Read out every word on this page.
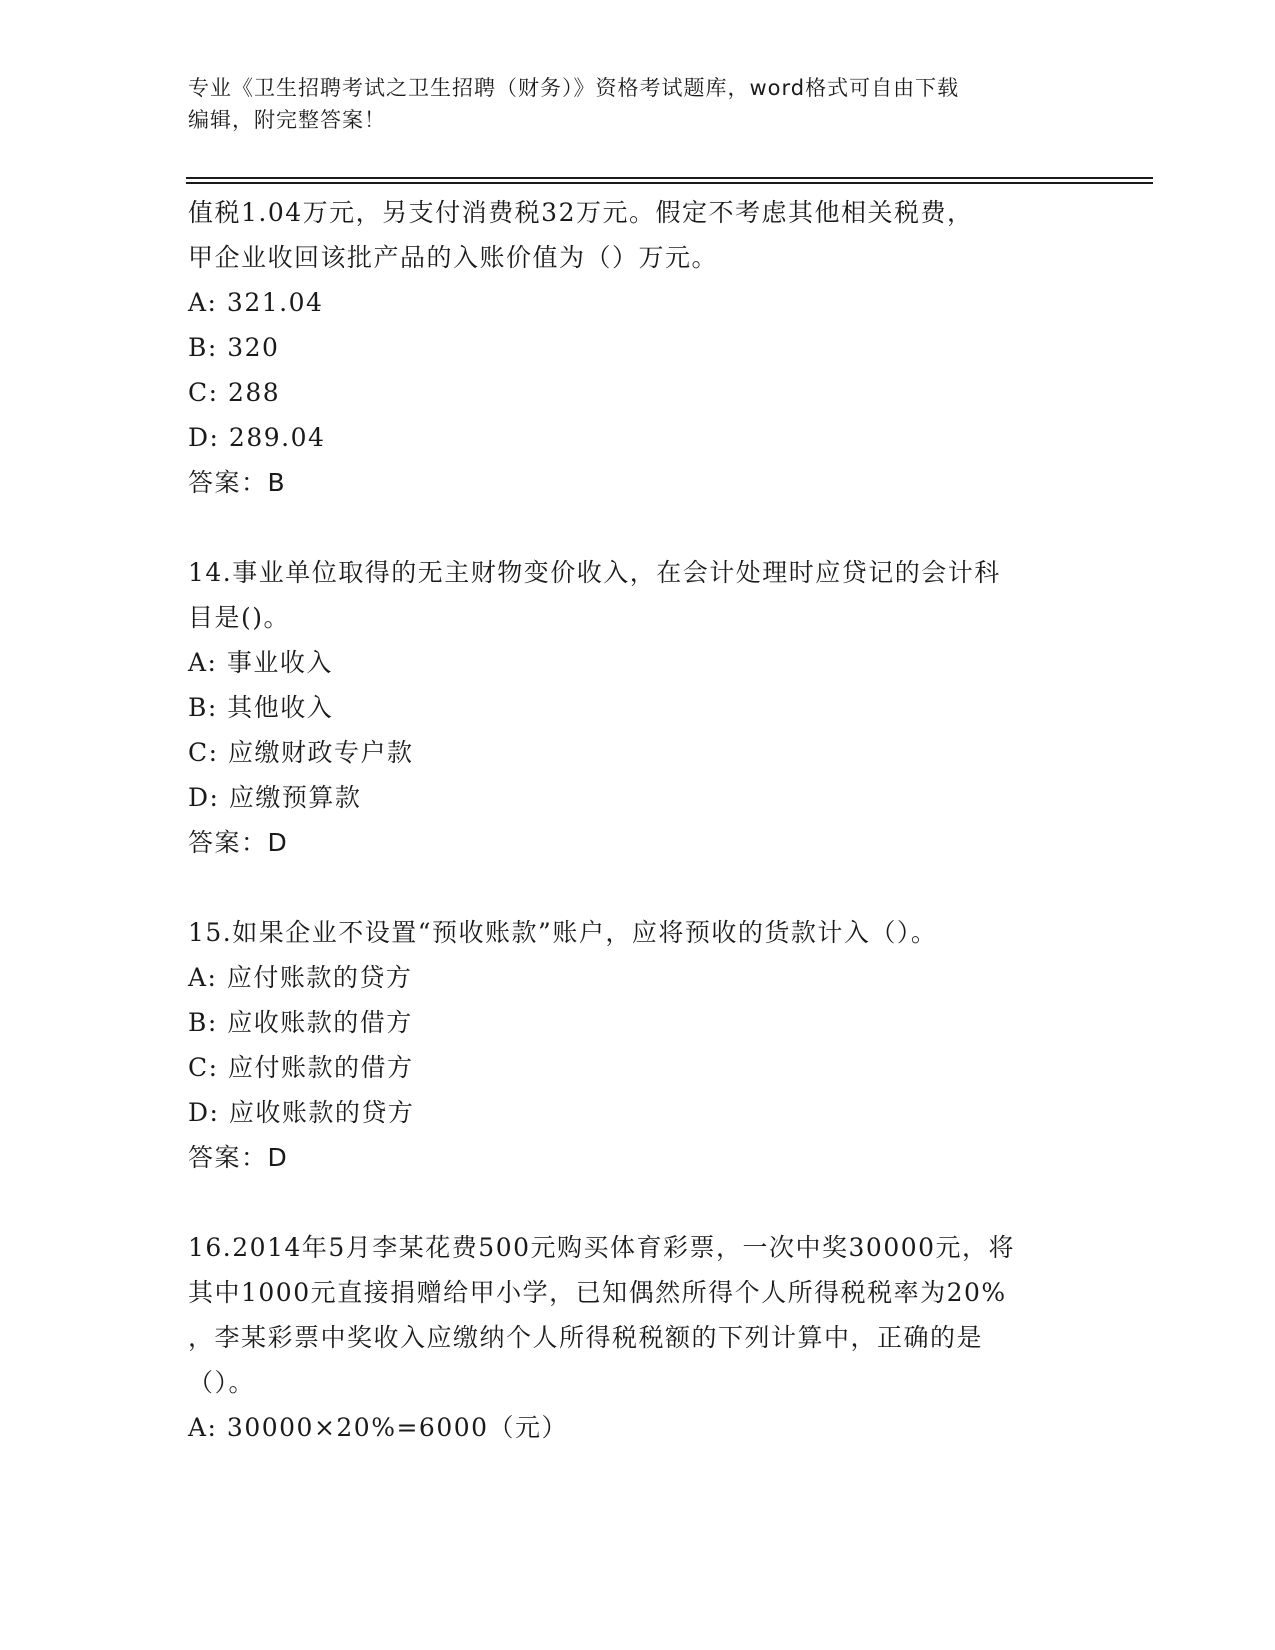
专业《卫生招聘考试之卫生招聘（财务）》资格考试题库，word格式可自由下载
编辑，附完整答案！

值税1.04万元，另支付消费税32万元。假定不考虑其他相关税费，

甲企业收回该批产品的入账价值为（）万元。

A: 321.04

B: 320

C: 288

D: 289.04

答案：B

14.事业单位取得的无主财物变价收入，在会计处理时应贷记的会计科

目是()。

A: 事业收入

B: 其他收入

C: 应缴财政专户款

D: 应缴预算款

答案：D

15.如果企业不设置“预收账款”账户，应将预收的货款计入（）。

A: 应付账款的贷方

B: 应收账款的借方

C: 应付账款的借方

D: 应收账款的贷方

答案：D

16.2014年5月李某花费500元购买体育彩票，一次中奖30000元，将

其中1000元直接捐赠给甲小学，已知偶然所得个人所得税税率为20%

，李某彩票中奖收入应缴纳个人所得税税额的下列计算中，正确的是

（）。

A: 30000×20%=6000（元）
